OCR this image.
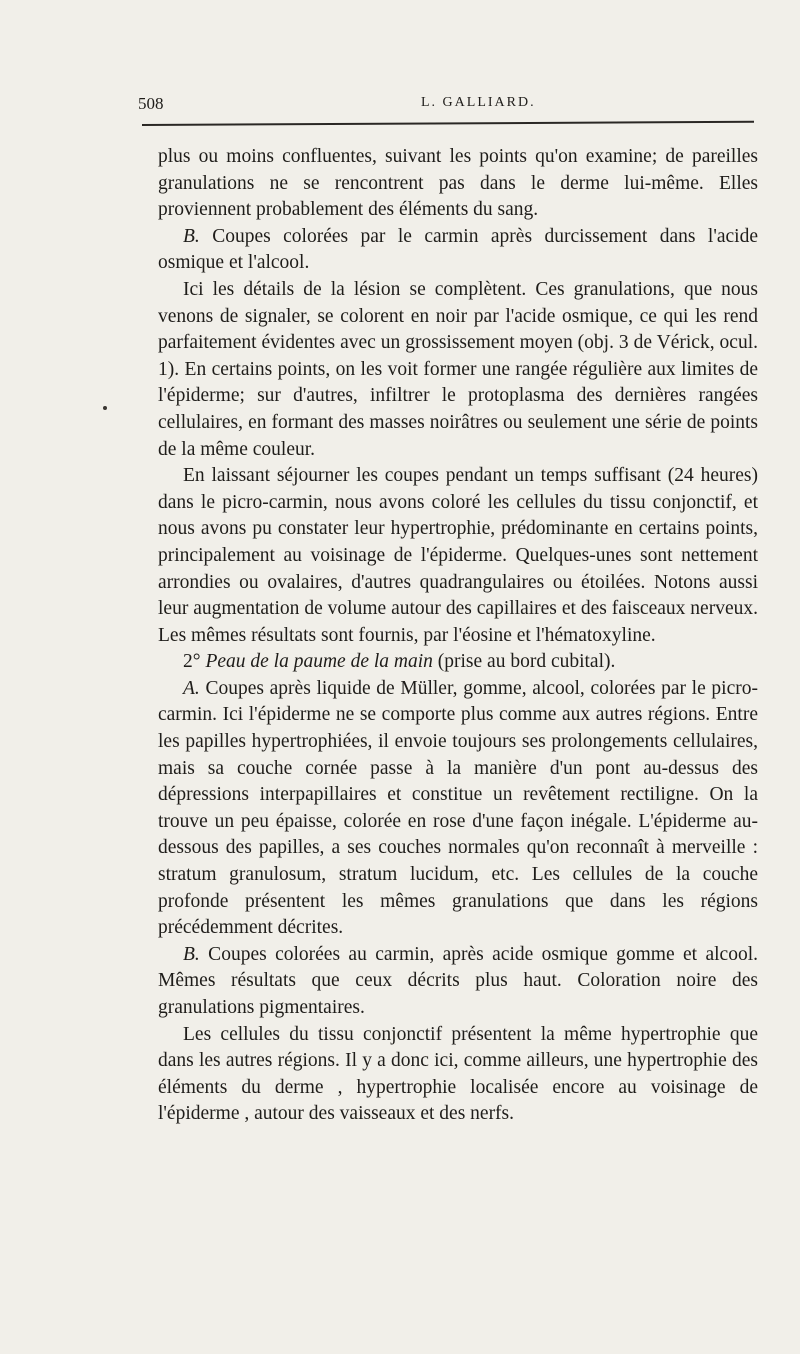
508	L. GALLIARD.

plus ou moins confluentes, suivant les points qu'on examine; de pareilles granulations ne se rencontrent pas dans le derme lui-même. Elles proviennent probablement des éléments du sang.

B. Coupes colorées par le carmin après durcissement dans l'acide osmique et l'alcool.

Ici les détails de la lésion se complètent. Ces granulations, que nous venons de signaler, se colorent en noir par l'acide osmique, ce qui les rend parfaitement évidentes avec un grossissement moyen (obj. 3 de Vérick, ocul. 1). En certains points, on les voit former une rangée régulière aux limites de l'épiderme; sur d'autres, infiltrer le protoplasma des dernières rangées cellulaires, en formant des masses noirâtres ou seulement une série de points de la même couleur.

En laissant séjourner les coupes pendant un temps suffisant (24 heures) dans le picro-carmin, nous avons coloré les cellules du tissu conjonctif, et nous avons pu constater leur hypertrophie, prédominante en certains points, principalement au voisinage de l'épiderme. Quelques-unes sont nettement arrondies ou ovalaires, d'autres quadrangulaires ou étoilées. Notons aussi leur augmentation de volume autour des capillaires et des faisceaux nerveux. Les mêmes résultats sont fournis, par l'éosine et l'hématoxyline.

2° Peau de la paume de la main (prise au bord cubital).

A. Coupes après liquide de Müller, gomme, alcool, colorées par le picro-carmin. Ici l'épiderme ne se comporte plus comme aux autres régions. Entre les papilles hypertrophiées, il envoie toujours ses prolongements cellulaires, mais sa couche cornée passe à la manière d'un pont au-dessus des dépressions interpapillaires et constitue un revêtement rectiligne. On la trouve un peu épaisse, colorée en rose d'une façon inégale. L'épiderme au-dessous des papilles, a ses couches normales qu'on reconnaît à merveille : stratum granulosum, stratum lucidum, etc. Les cellules de la couche profonde présentent les mêmes granulations que dans les régions précédemment décrites.

B. Coupes colorées au carmin, après acide osmique gomme et alcool. Mêmes résultats que ceux décrits plus haut. Coloration noire des granulations pigmentaires.

Les cellules du tissu conjonctif présentent la même hypertrophie que dans les autres régions. Il y a donc ici, comme ailleurs, une hypertrophie des éléments du derme , hypertrophie localisée encore au voisinage de l'épiderme , autour des vaisseaux et des nerfs.
